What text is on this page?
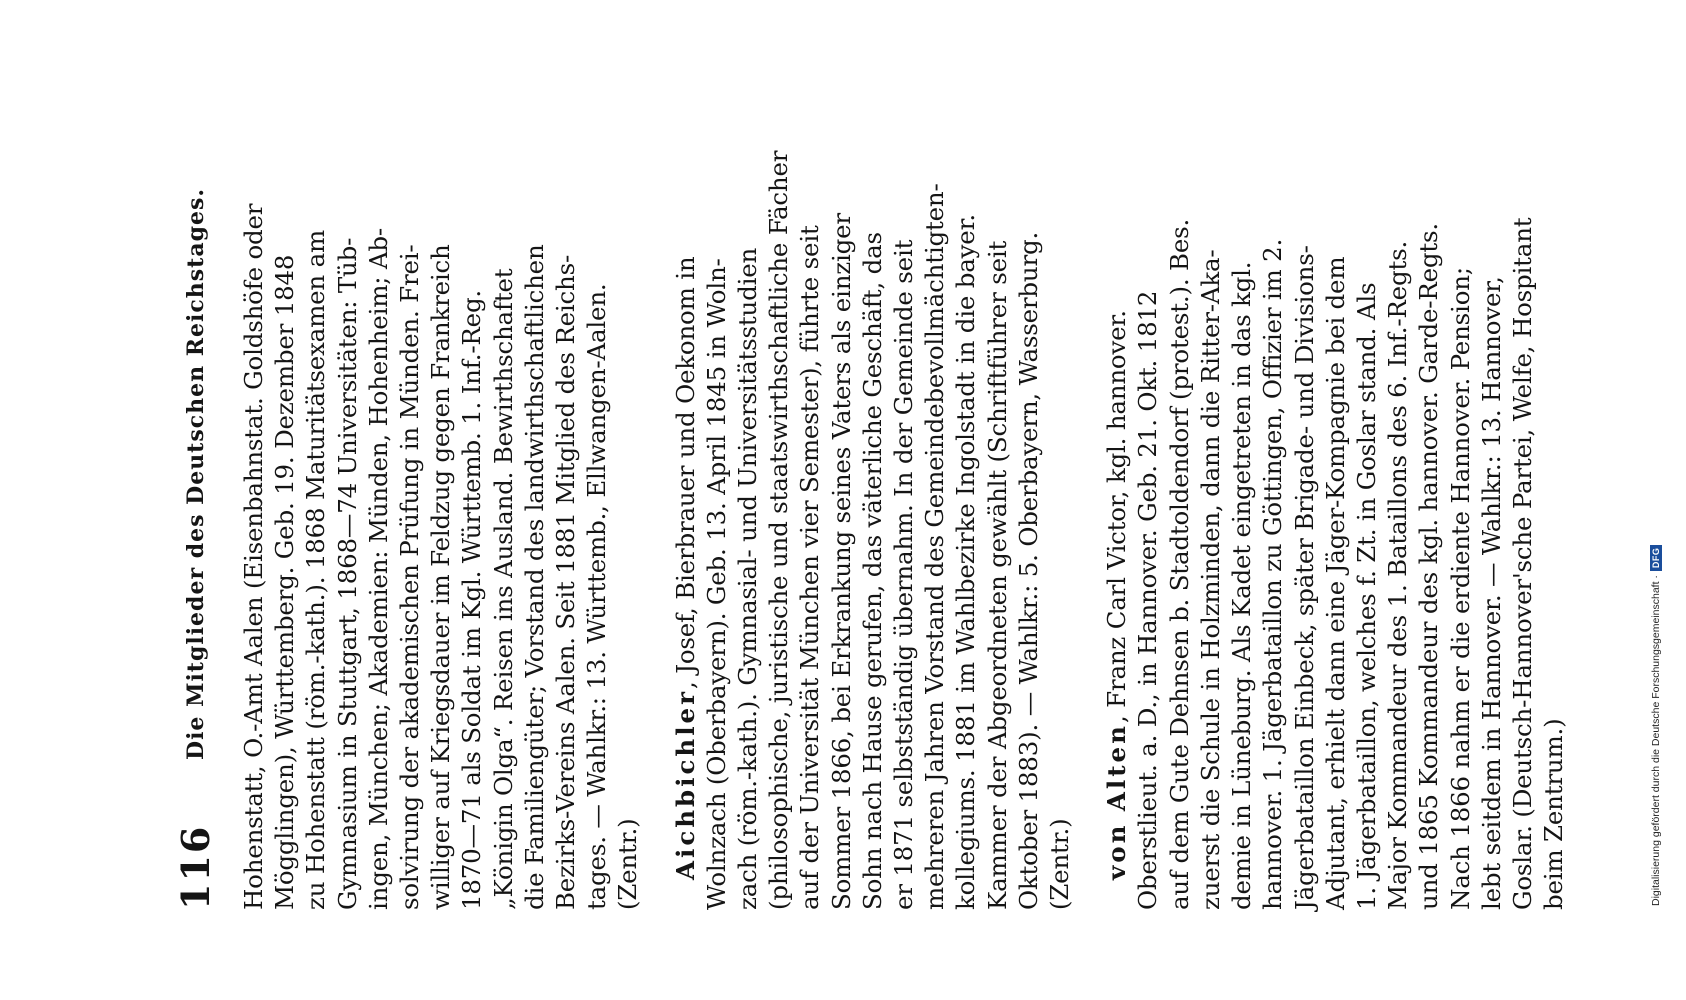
116
Die Mitglieder des Deutschen Reichstages. Hohenstatt, O.-Amt Aalen (Eisenbahnstat. Goldshöfe oder Mögglingen), Württemberg. Geb. 19. Dezember 1848 zu Hohenstatt (röm.-kath.). 1868 Maturitätsexamen am Gymnasium in Stuttgart, 1868—74 Universitäten: Tüb- ingen, München; Akademien: Münden, Hohenheim; Ab- solvirung der akademischen Prüfung in Münden. Frei- williger auf Kriegsdauer im Feldzug gegen Frankreich 1870—71 als Soldat im Kgl. Württemb. 1. Inf.-Reg. „Königin Olga“. Reisen ins Ausland. Bewirthschaftet die Familiengüter; Vorstand des landwirthschaftlichen Bezirks-Vereins Aalen. Seit 1881 Mitglied des Reichs- tages. — Wahlkr.: 13. Württemb., Ellwangen-Aalen. (Zentr.) Aichbichler, Josef, Bierbrauer und Oekonom in Wolnzach (Oberbayern). Geb. 13. April 1845 in Woln- zach (röm.-kath.). Gymnasial- und Universitätsstudien (philosophische, juristische und staatswirthschaftliche Fächer auf der Universität München vier Semester), führte seit Sommer 1866, bei Erkrankung seines Vaters als einziger Sohn nach Hause gerufen, das väterliche Geschäft, das er 1871 selbstständig übernahm. In der Gemeinde seit mehreren Jahren Vorstand des Gemeindebevollmächtigten- kollegiums. 1881 im Wahlbezirke Ingolstadt in die bayer. Kammer der Abgeordneten gewählt (Schriftführer seit Oktober 1883). — Wahlkr.: 5. Oberbayern, Wasserburg. (Zentr.) von Alten, Franz Carl Victor, kgl. hannover. Oberstlieut. a. D., in Hannover. Geb. 21. Okt. 1812 auf dem Gute Dehnsen b. Stadtoldendorf (protest.). Bes. zuerst die Schule in Holzminden, dann die Ritter-Aka- demie in Lüneburg. Als Kadet eingetreten in das kgl. hannover. 1. Jägerbataillon zu Göttingen, Offizier im 2. Jägerbataillon Einbeck, später Brigade- und Divisions- Adjutant, erhielt dann eine Jäger-Kompagnie bei dem 1. Jägerbataillon, welches f. Zt. in Goslar stand. Als Major Kommandeur des 1. Bataillons des 6. Inf.-Regts. und 1865 Kommandeur des kgl. hannover. Garde-Regts. Nach 1866 nahm er die erdiente Hannover. Pension; lebt seitdem in Hannover. — Wahlkr.: 13. Hannover, Goslar. (Deutsch-Hannover'sche Partei, Welfe, Hospitant beim Zentrum.)	Digitalisierung gefördert durch die Deutsche Forschungsgemeinschaft ·
DFG
